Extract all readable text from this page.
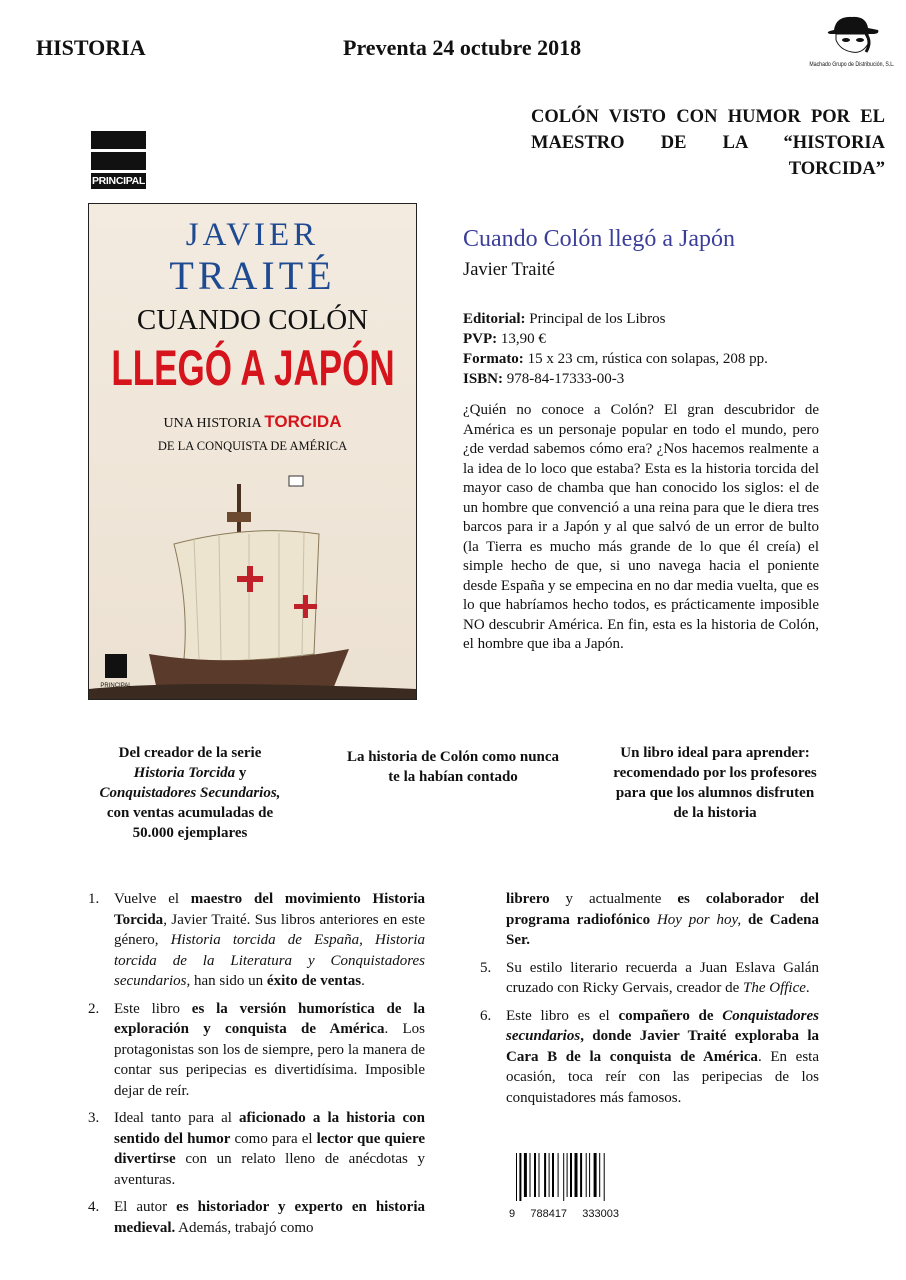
HISTORIA	Preventa 24 octubre 2018
Machado Grupo de Distribución, S.L.
COLÓN VISTO CON HUMOR POR EL MAESTRO DE LA “HISTORIA TORCIDA”
PRINCIPAL
JAVIER
TRAITÉ
CUANDO COLÓN
LLEGÓ A JAPÓN
UNA HISTORIA TORCIDA
DE LA CONQUISTA DE AMÉRICA
PRINCIPAL
Cuando Colón llegó a Japón
Javier Traité
Editorial: Principal de los Libros
PVP: 13,90 €
Formato: 15 x 23 cm, rústica con solapas, 208 pp.
ISBN: 978-84-17333-00-3
¿Quién no conoce a Colón? El gran descubridor de América es un personaje popular en todo el mundo, pero ¿de verdad sabemos cómo era? ¿Nos hacemos realmente a la idea de lo loco que estaba? Esta es la historia torcida del mayor caso de chamba que han conocido los siglos: el de un hombre que convenció a una reina para que le diera tres barcos para ir a Japón y al que salvó de un error de bulto (la Tierra es mucho más grande de lo que él creía) el simple hecho de que, si uno navega hacia el poniente desde España y se empecina en no dar media vuelta, que es lo que habríamos hecho todos, es prácticamente imposible NO descubrir América. En fin, esta es la historia de Colón, el hombre que iba a Japón.
Del creador de la serie
Historia Torcida y Conquistadores Secundarios, con ventas acumuladas de 50.000 ejemplares
La historia de Colón como nunca te la habían contado
Un libro ideal para aprender: recomendado por los profesores para que los alumnos disfruten de la historia
1. Vuelve el maestro del movimiento Historia Torcida, Javier Traité. Sus libros anteriores en este género, Historia torcida de España, Historia torcida de la Literatura y Conquistadores secundarios, han sido un éxito de ventas.
2. Este libro es la versión humorística de la exploración y conquista de América. Los protagonistas son los de siempre, pero la manera de contar sus peripecias es divertidísima. Imposible dejar de reír.
3. Ideal tanto para al aficionado a la historia con sentido del humor como para el lector que quiere divertirse con un relato lleno de anécdotas y aventuras.
4. El autor es historiador y experto en historia medieval. Además, trabajó como
librero y actualmente es colaborador del programa radiofónico Hoy por hoy, de Cadena Ser.
5. Su estilo literario recuerda a Juan Eslava Galán cruzado con Ricky Gervais, creador de The Office.
6. Este libro es el compañero de Conquistadores secundarios, donde Javier Traité exploraba la Cara B de la conquista de América. En esta ocasión, toca reír con las peripecias de los conquistadores más famosos.
9 788417 333003
